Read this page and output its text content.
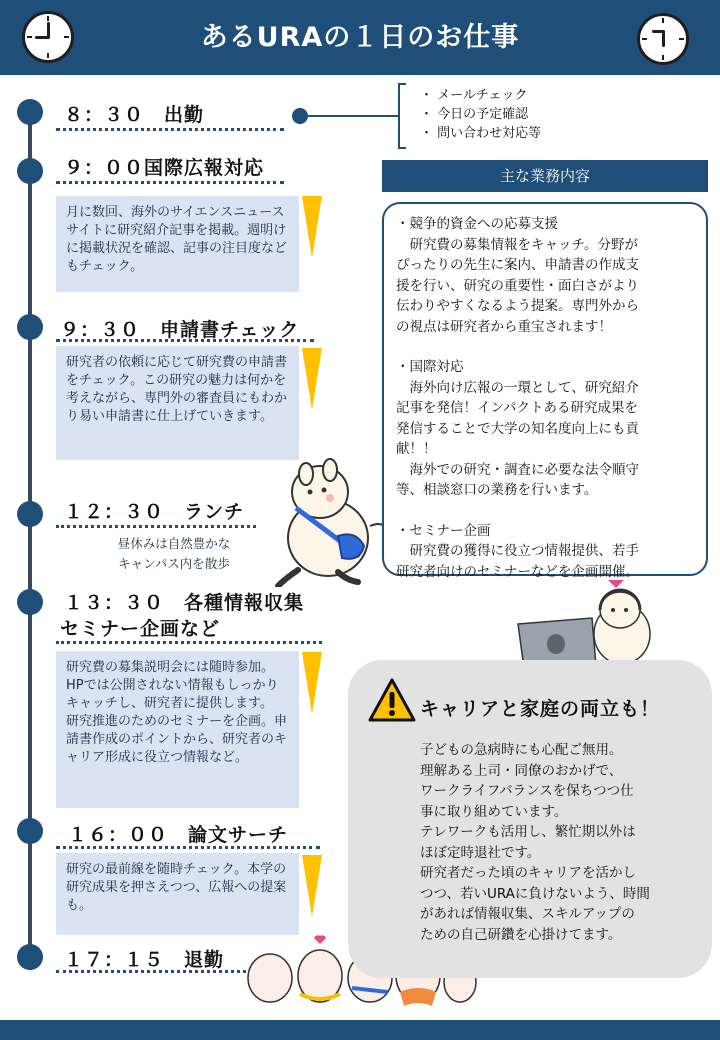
あるURAの１日のお仕事
８：３０　出勤
・ メールチェック
・ 今日の予定確認
・ 問い合わせ対応等
９：００国際広報対応
月に数回、海外のサイエンスニュースサイトに研究紹介記事を掲載。週明けに掲載状況を確認、記事の注目度などもチェック。
９：３０　申請書チェック
研究者の依頼に応じて研究費の申請書をチェック。この研究の魅力は何かを考えながら、専門外の審査員にもわかり易い申請書に仕上げていきます。
１２：３０　ランチ
昼休みは自然豊かな
キャンパス内を散歩
１３：３０　各種情報収集
セミナー企画など
研究費の募集説明会には随時参加。HPでは公開されない情報もしっかりキャッチし、研究者に提供します。
研究推進のためのセミナーを企画。申請書作成のポイントから、研究者のキャリア形成に役立つ情報など。
１６：００　論文サーチ
研究の最前線を随時チェック。本学の研究成果を押さえつつ、広報への提案も。
１７：１５　退勤
主な業務内容
・競争的資金への応募支援
　研究費の募集情報をキャッチ。分野が
ぴったりの先生に案内、申請書の作成支
援を行い、研究の重要性・面白さがより
伝わりやすくなるよう提案。専門外から
の視点は研究者から重宝されます！
・国際対応
　海外向け広報の一環として、研究紹介
記事を発信！インパクトある研究成果を
発信することで大学の知名度向上にも貢
献！！
　海外での研究・調査に必要な法令順守
等、相談窓口の業務を行います。
・セミナー企画
　研究費の獲得に役立つ情報提供、若手
研究者向けのセミナーなどを企画開催。
キャリアと家庭の両立も！
子どもの急病時にも心配ご無用。
理解ある上司・同僚のおかげで、
ワークライフバランスを保ちつつ仕
事に取り組めています。
テレワークも活用し、繁忙期以外は
ほぼ定時退社です。
研究者だった頃のキャリアを活かし
つつ、若いURAに負けないよう、時間
があれば情報収集、スキルアップの
ための自己研鑽を心掛けてます。
